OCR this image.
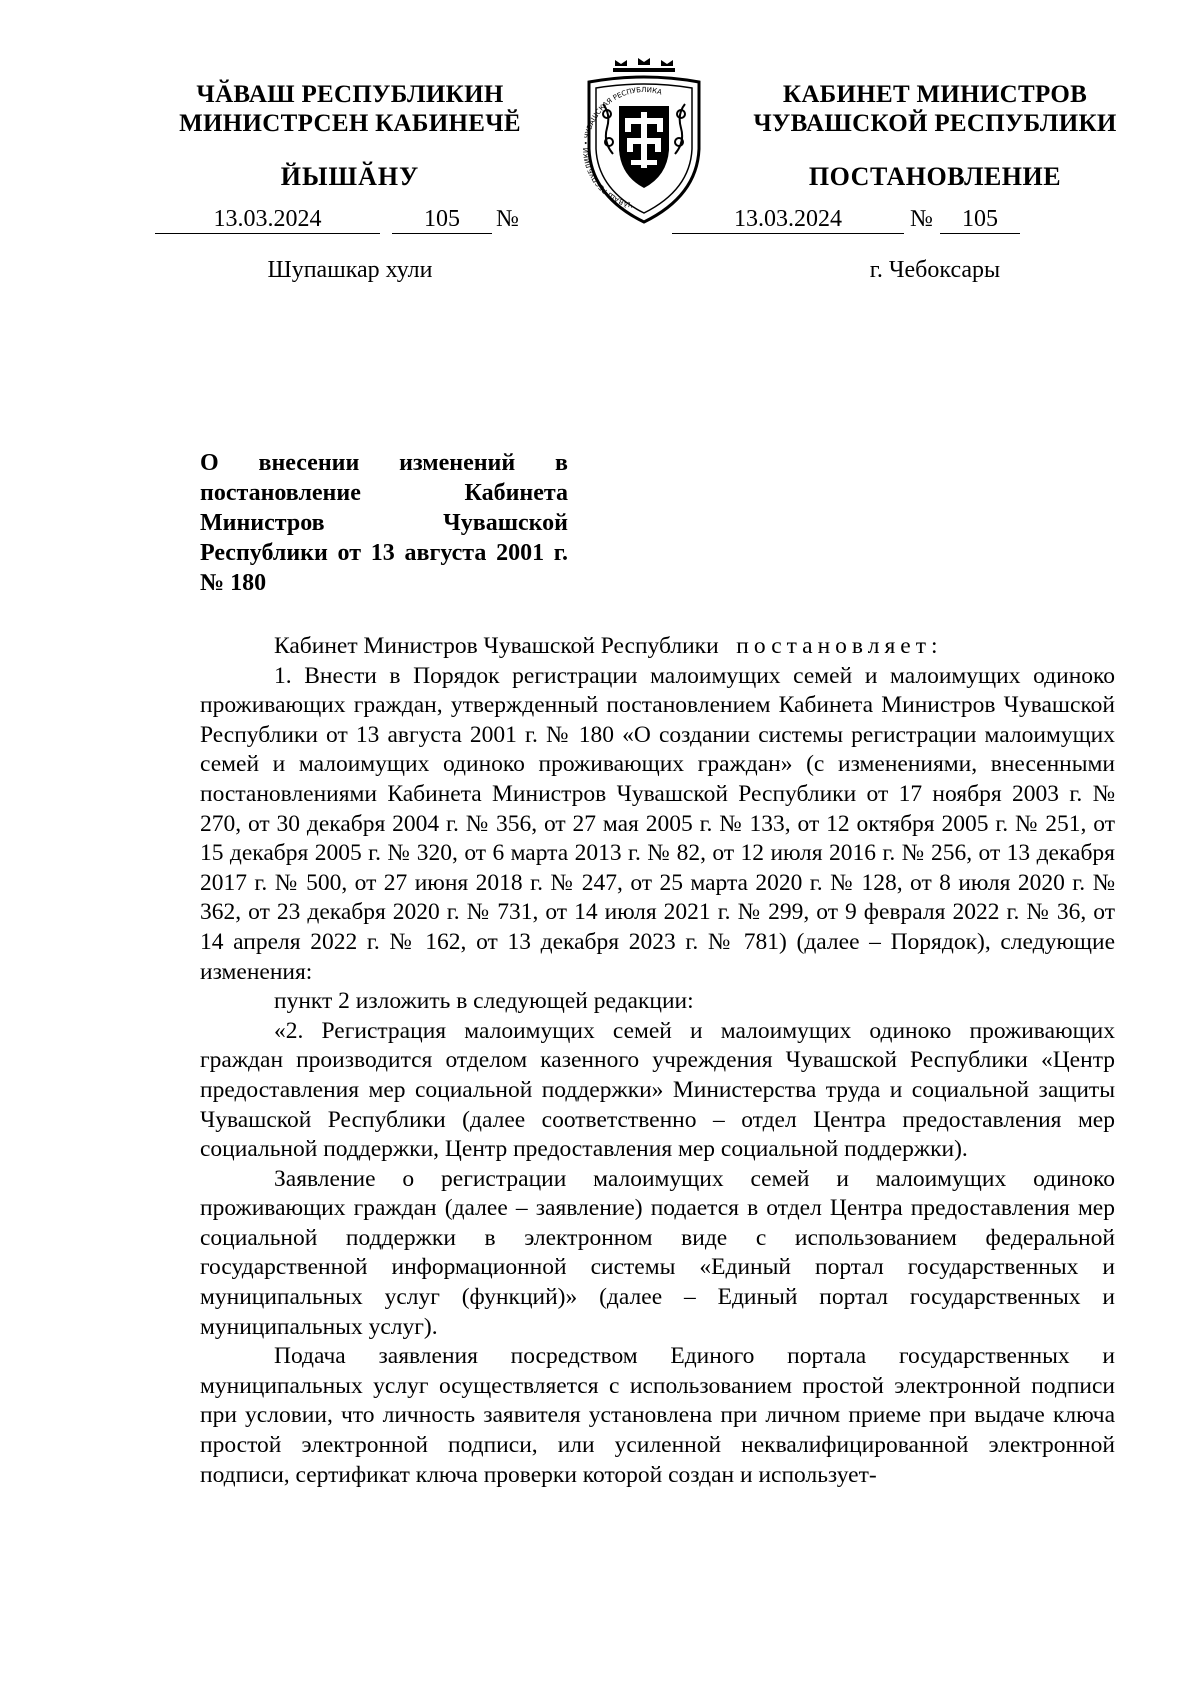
ЧӐВАШ РЕСПУБЛИКИН
МИНИСТРСЕН КАБИНЕЧӖ
ЙЫШӐНУ
КАБИНЕТ МИНИСТРОВ
ЧУВАШСКОЙ РЕСПУБЛИКИ
ПОСТАНОВЛЕНИЕ
ЧӐВАШ РЕСПУБЛИКИ • ЧУВАШСКАЯ РЕСПУБЛИКА
13.03.2024	105	№	13.03.2024	№	105
Шупашкар хули	г. Чебоксары
О внесении изменений в постановление Кабинета Министров Чувашской Республики от 13 августа 2001 г. № 180

Кабинет Министров Чувашской Республики постановляет:

1. Внести в Порядок регистрации малоимущих семей и малоимущих одиноко проживающих граждан, утвержденный постановлением Кабинета Министров Чувашской Республики от 13 августа 2001 г. № 180 «О создании системы регистрации малоимущих семей и малоимущих одиноко проживающих граждан» (с изменениями, внесенными постановлениями Кабинета Министров Чувашской Республики от 17 ноября 2003 г. № 270, от 30 декабря 2004 г. № 356, от 27 мая 2005 г. № 133, от 12 октября 2005 г. № 251, от 15 декабря 2005 г. № 320, от 6 марта 2013 г. № 82, от 12 июля 2016 г. № 256, от 13 декабря 2017 г. № 500, от 27 июня 2018 г. № 247, от 25 марта 2020 г. № 128, от 8 июля 2020 г. № 362, от 23 декабря 2020 г. № 731, от 14 июля 2021 г. № 299, от 9 февраля 2022 г. № 36, от 14 апреля 2022 г. № 162, от 13 декабря 2023 г. № 781) (далее – Порядок), следующие изменения:

пункт 2 изложить в следующей редакции:

«2. Регистрация малоимущих семей и малоимущих одиноко проживающих граждан производится отделом казенного учреждения Чувашской Республики «Центр предоставления мер социальной поддержки» Министерства труда и социальной защиты Чувашской Республики (далее соответственно – отдел Центра предоставления мер социальной поддержки, Центр предоставления мер социальной поддержки).

Заявление о регистрации малоимущих семей и малоимущих одиноко проживающих граждан (далее – заявление) подается в отдел Центра предоставления мер социальной поддержки в электронном виде с использованием федеральной государственной информационной системы «Единый портал государственных и муниципальных услуг (функций)» (далее – Единый портал государственных и муниципальных услуг).

Подача заявления посредством Единого портала государственных и муниципальных услуг осуществляется с использованием простой электронной подписи при условии, что личность заявителя установлена при личном приеме при выдаче ключа простой электронной подписи, или усиленной неквалифицированной электронной подписи, сертификат ключа проверки которой создан и использует-
